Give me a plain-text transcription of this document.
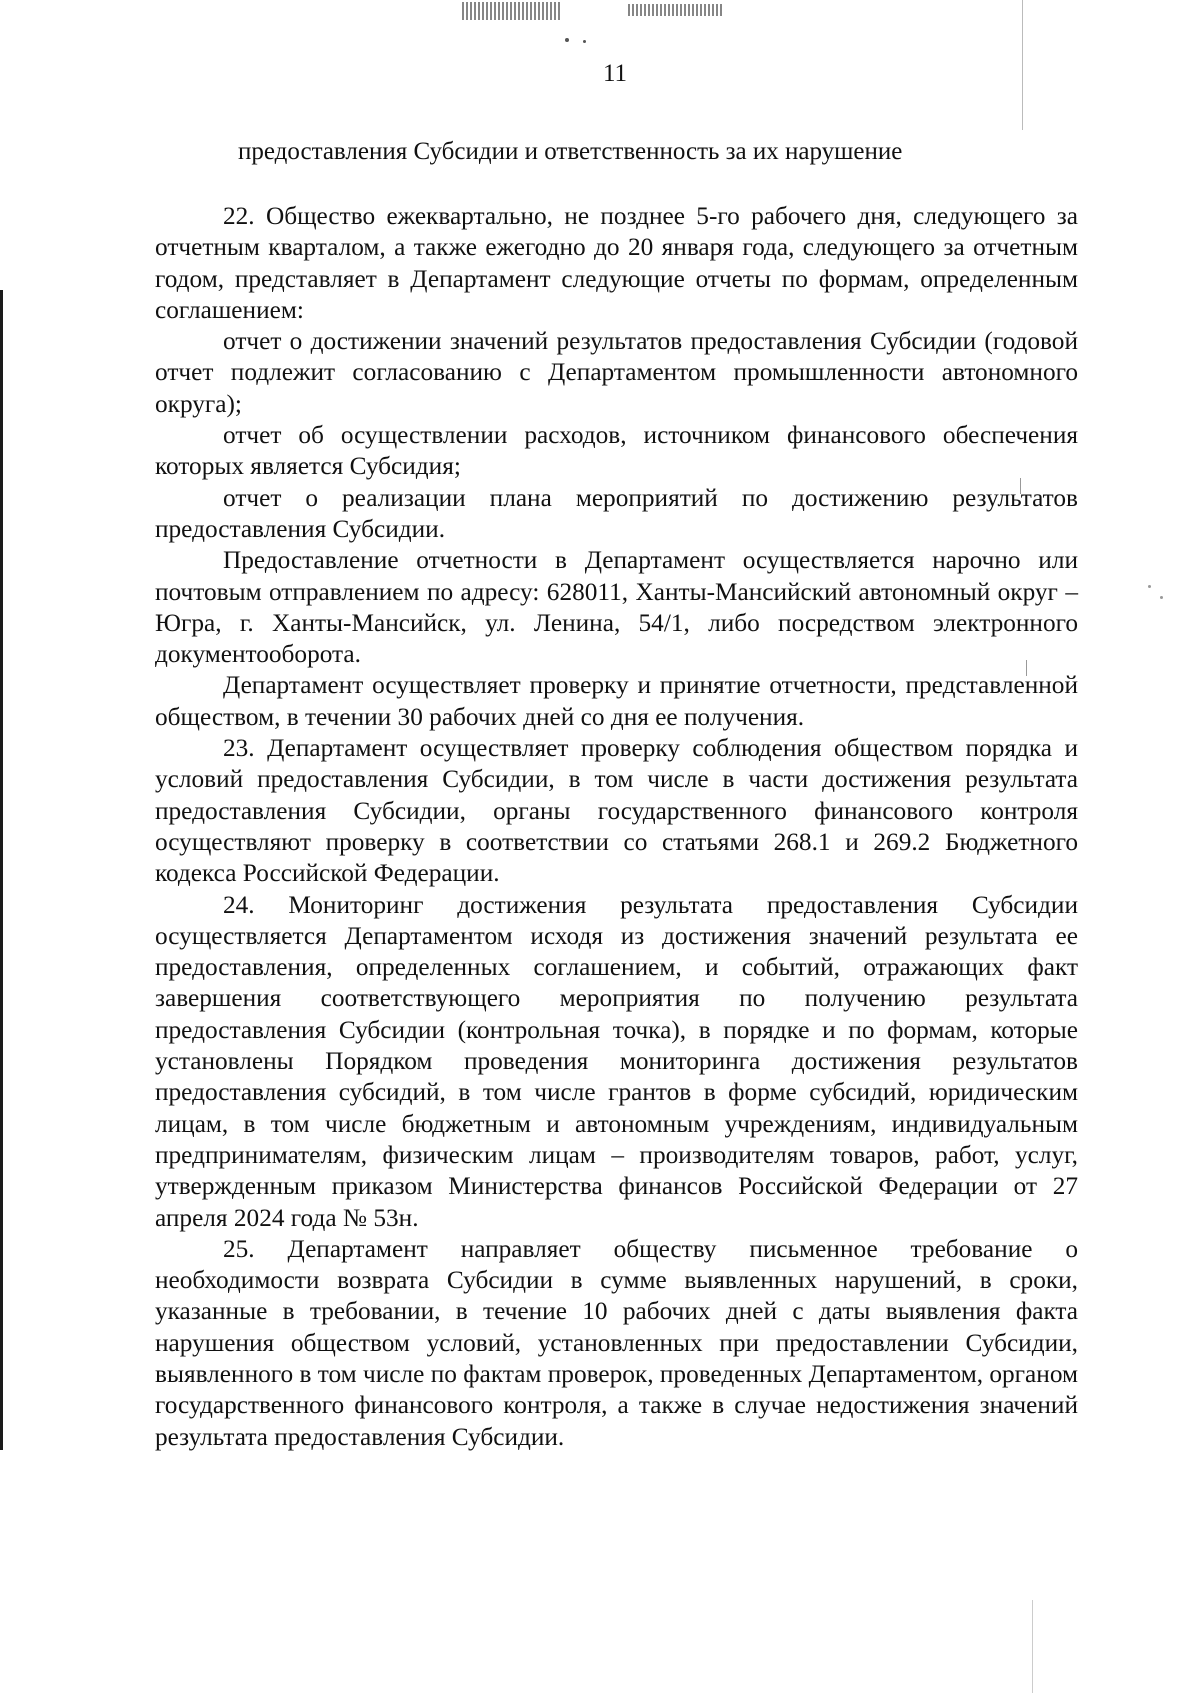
11
предоставления Субсидии и ответственность за их нарушение

22. Общество ежеквартально, не позднее 5-го рабочего дня, следующего за отчетным кварталом, а также ежегодно до 20 января года, следующего за отчетным годом, представляет в Департамент следующие отчеты по формам, определенным соглашением:

отчет о достижении значений результатов предоставления Субсидии (годовой отчет подлежит согласованию с Департаментом промышленности автономного округа);

отчет об осуществлении расходов, источником финансового обеспечения которых является Субсидия;

отчет о реализации плана мероприятий по достижению результатов предоставления Субсидии.

Предоставление отчетности в Департамент осуществляется нарочно или почтовым отправлением по адресу: 628011, Ханты-Мансийский автономный округ – Югра, г. Ханты-Мансийск, ул. Ленина, 54/1, либо посредством электронного документооборота.

Департамент осуществляет проверку и принятие отчетности, представленной обществом, в течении 30 рабочих дней со дня ее получения.

23. Департамент осуществляет проверку соблюдения обществом порядка и условий предоставления Субсидии, в том числе в части достижения результата предоставления Субсидии, органы государственного финансового контроля осуществляют проверку в соответствии со статьями 268.1 и 269.2 Бюджетного кодекса Российской Федерации.

24. Мониторинг достижения результата предоставления Субсидии осуществляется Департаментом исходя из достижения значений результата ее предоставления, определенных соглашением, и событий, отражающих факт завершения соответствующего мероприятия по получению результата предоставления Субсидии (контрольная точка), в порядке и по формам, которые установлены Порядком проведения мониторинга достижения результатов предоставления субсидий, в том числе грантов в форме субсидий, юридическим лицам, в том числе бюджетным и автономным учреждениям, индивидуальным предпринимателям, физическим лицам – производителям товаров, работ, услуг, утвержденным приказом Министерства финансов Российской Федерации от 27 апреля 2024 года № 53н.

25. Департамент направляет обществу письменное требование о необходимости возврата Субсидии в сумме выявленных нарушений, в сроки, указанные в требовании, в течение 10 рабочих дней с даты выявления факта нарушения обществом условий, установленных при предоставлении Субсидии, выявленного в том числе по фактам проверок, проведенных Департаментом, органом государственного финансового контроля, а также в случае недостижения значений результата предоставления Субсидии.
